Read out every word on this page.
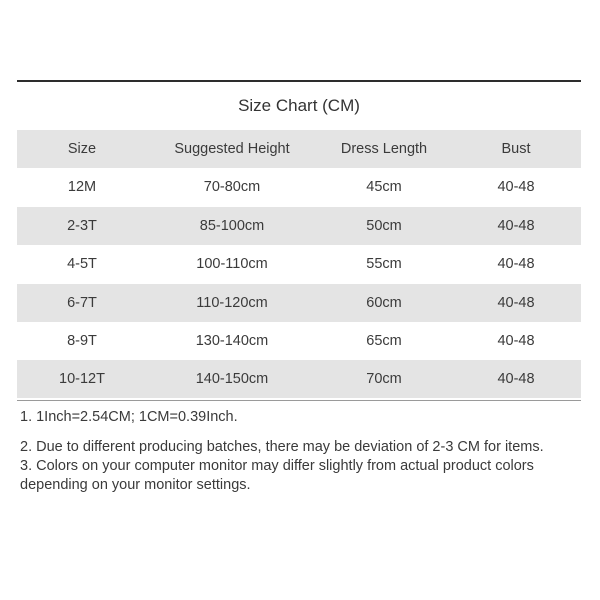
Size Chart (CM)
Size	Suggested Height	Dress Length	Bust
12M	70-80cm	45cm	40-48
2-3T	85-100cm	50cm	40-48
4-5T	100-110cm	55cm	40-48
6-7T	110-120cm	60cm	40-48
8-9T	130-140cm	65cm	40-48
10-12T	140-150cm	70cm	40-48

1. 1Inch=2.54CM; 1CM=0.39Inch.

2. Due to different producing batches, there may be deviation of 2-3 CM for items.

3. Colors on your computer monitor may differ slightly from actual product colors depending on your monitor settings.
